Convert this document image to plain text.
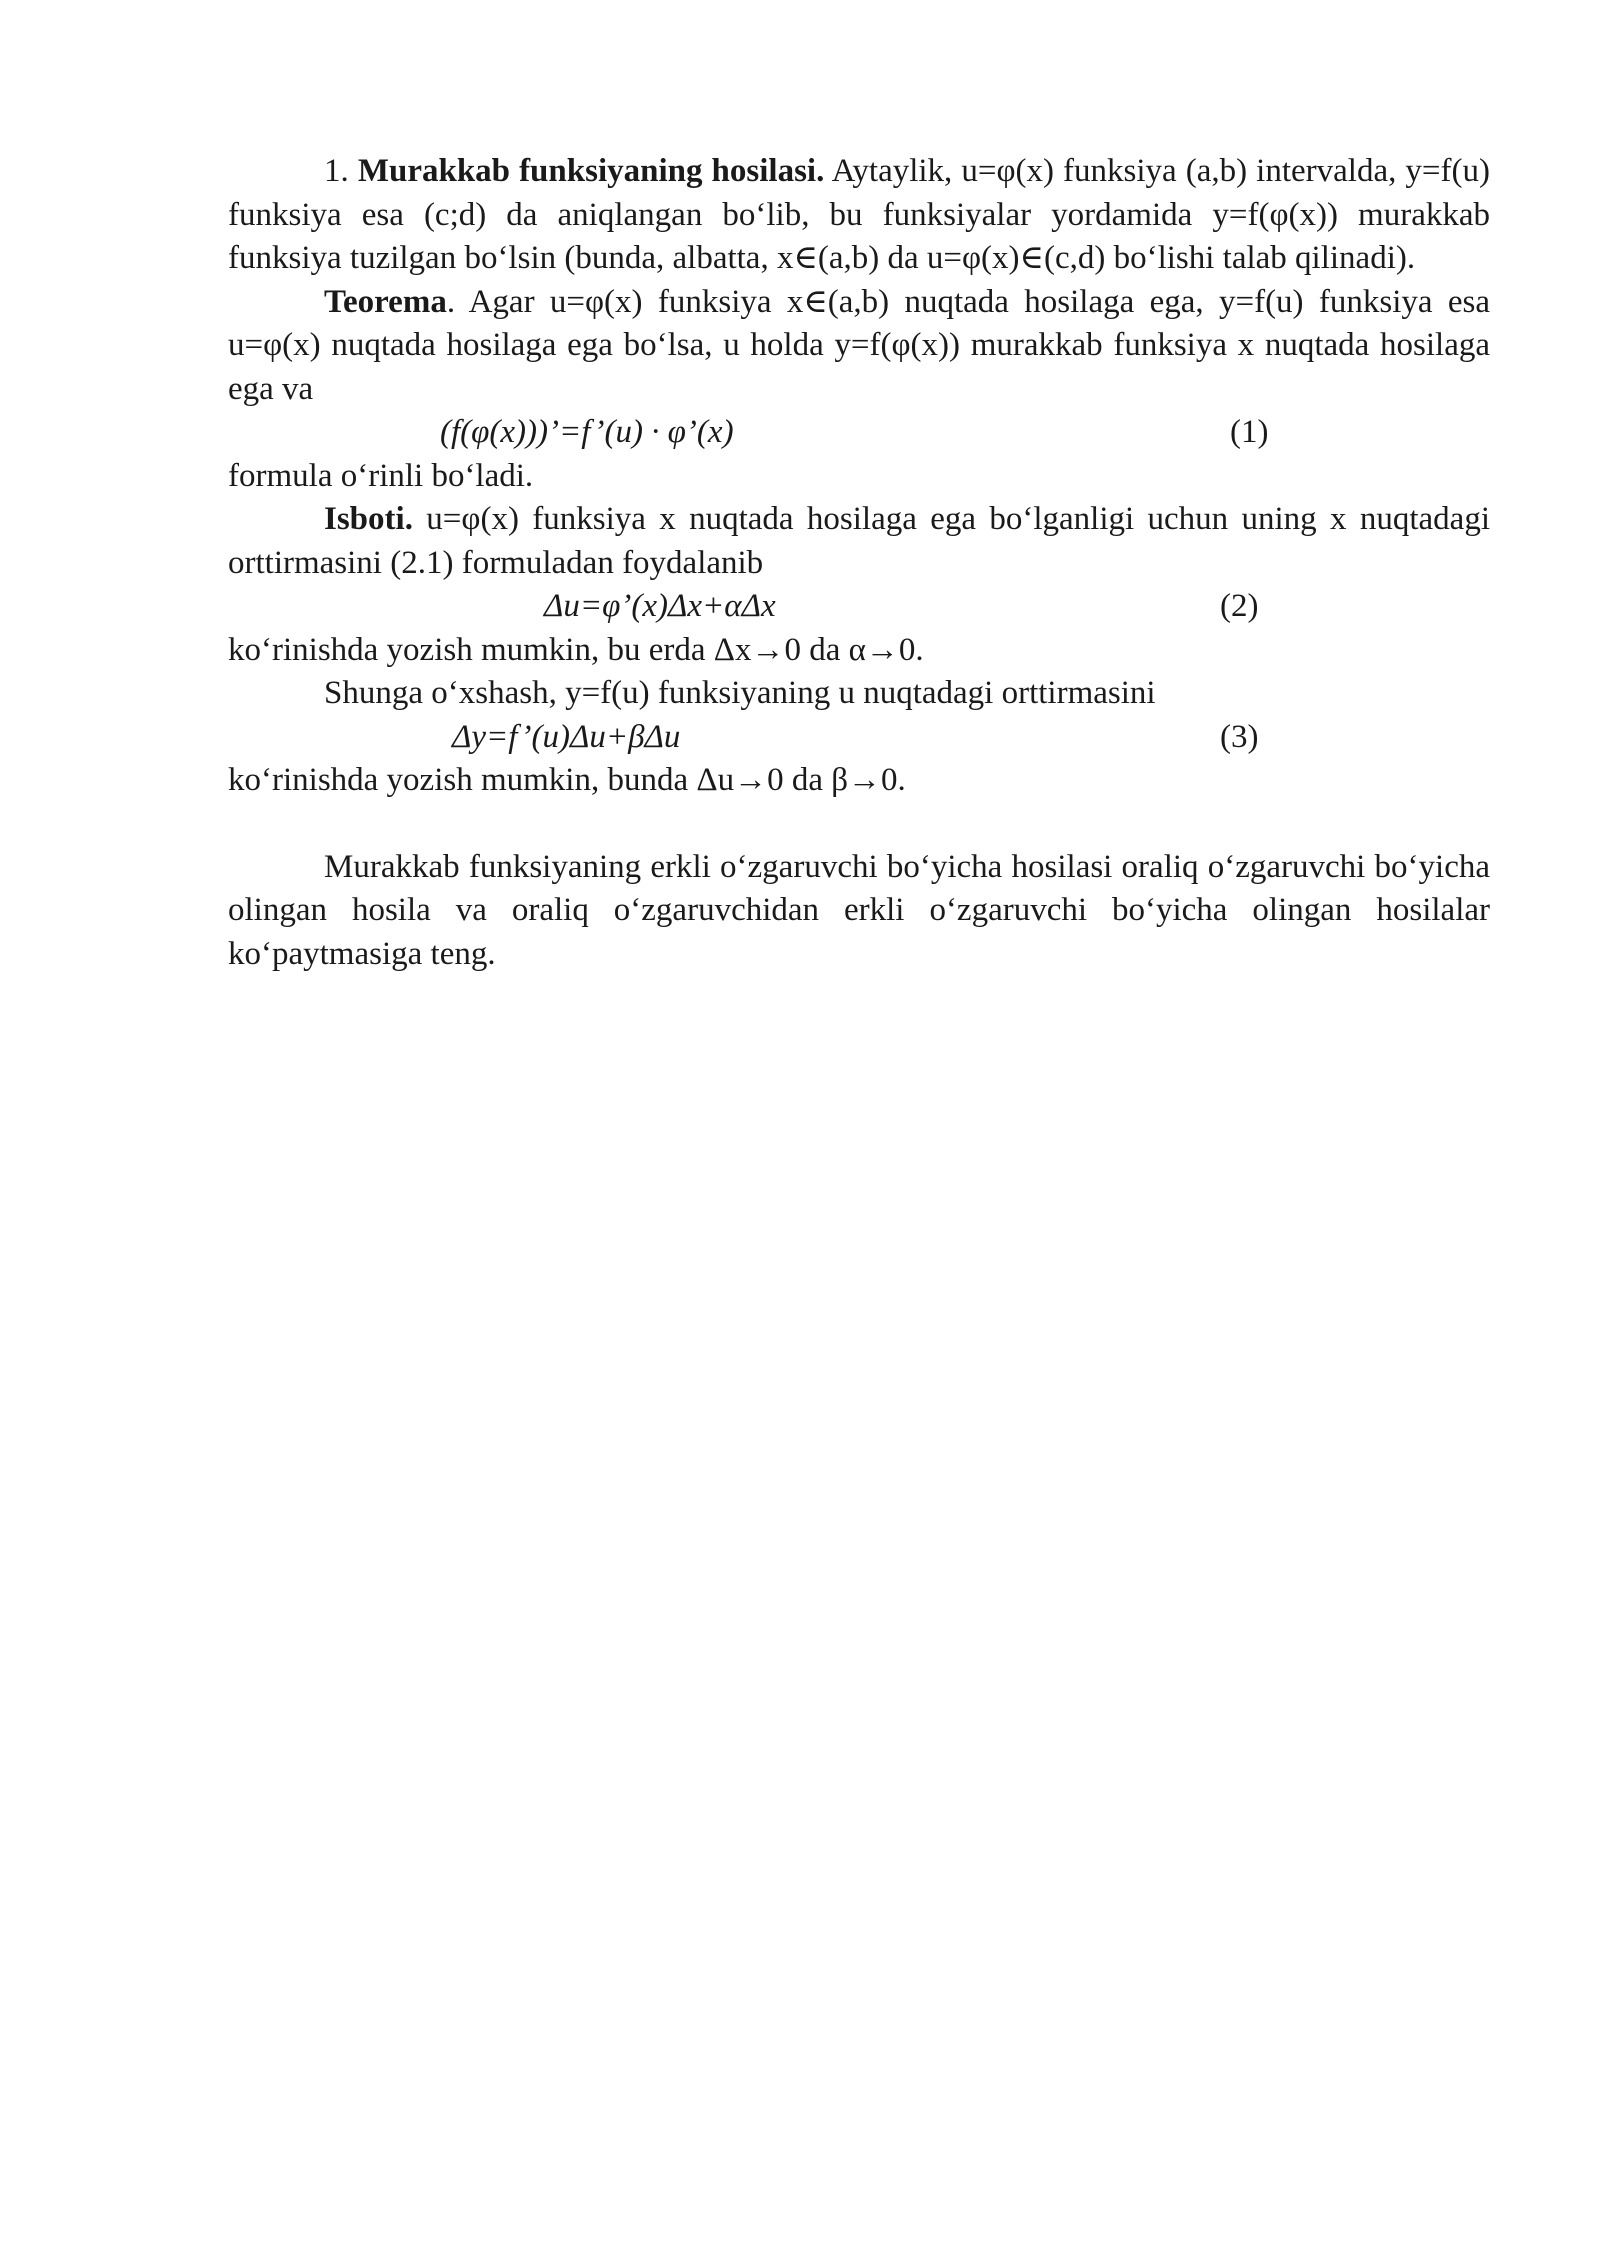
1. Murakkab funksiyaning hosilasi. Aytaylik, u=φ(x) funksiya (a,b) intervalda, y=f(u) funksiya esa (c;d) da aniqlangan bo‘lib, bu funksiyalar yordamida y=f(φ(x)) murakkab funksiya tuzilgan bo‘lsin (bunda, albatta, x∈(a,b) da u=φ(x)∈(c,d) bo‘lishi talab qilinadi).

Teorema. Agar u=φ(x) funksiya x∈(a,b) nuqtada hosilaga ega, y=f(u) funksiya esa u=φ(x) nuqtada hosilaga ega bo‘lsa, u holda y=f(φ(x)) murakkab funksiya x nuqtada hosilaga ega va

(f(φ(x)))’=f’(u) · φ’(x)	(1)

formula o‘rinli bo‘ladi.

Isboti. u=φ(x) funksiya x nuqtada hosilaga ega bo‘lganligi uchun uning x nuqtadagi orttirmasini (2.1) formuladan foydalanib

Δu=φ’(x)Δx+αΔx	(2)

ko‘rinishda yozish mumkin, bu erda Δx→0 da α→0.

Shunga o‘xshash, y=f(u) funksiyaning u nuqtadagi orttirmasini

Δy=f’(u)Δu+βΔu	(3)

ko‘rinishda yozish mumkin, bunda Δu→0 da β→0.

Murakkab funksiyaning erkli o‘zgaruvchi bo‘yicha hosilasi oraliq o‘zgaruvchi bo‘yicha olingan hosila va oraliq o‘zgaruvchidan erkli o‘zgaruvchi bo‘yicha olingan hosilalar ko‘paytmasiga teng.
